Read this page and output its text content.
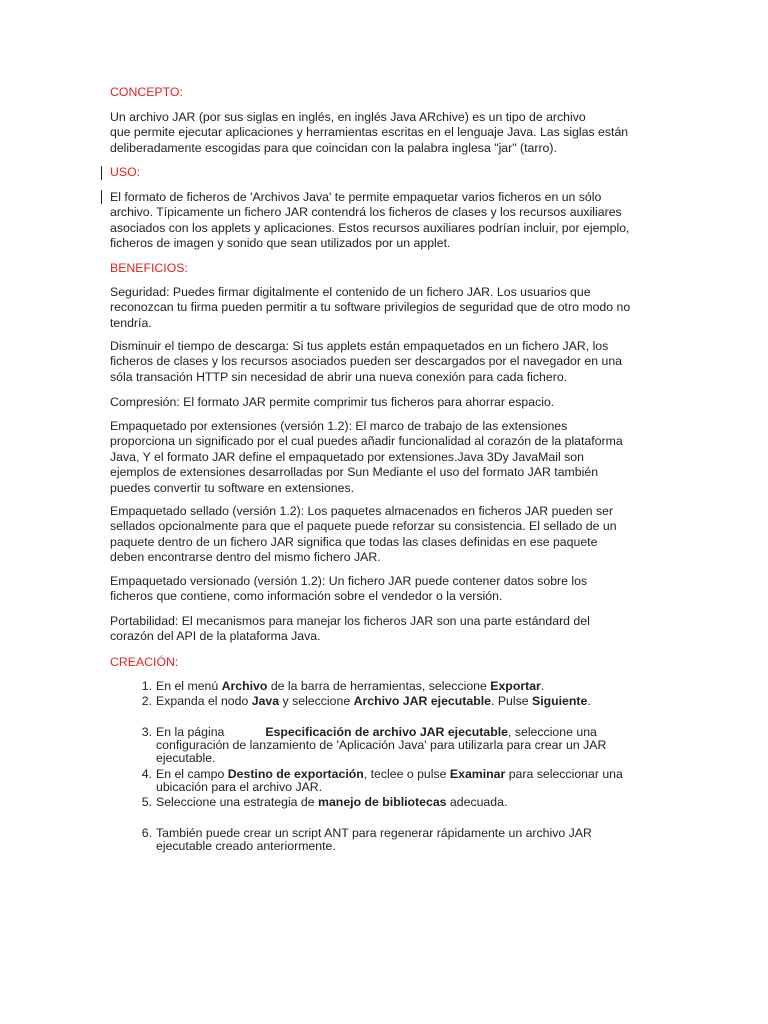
CONCEPTO:
Un archivo JAR (por sus siglas en inglés, en inglés Java ARchive) es un tipo de archivo
que permite ejecutar aplicaciones y herramientas escritas en el lenguaje Java. Las siglas están
deliberadamente escogidas para que coincidan con la palabra inglesa "jar" (tarro).
USO:
El formato de ficheros de 'Archivos Java' te permite empaquetar varios ficheros en un sólo
archivo. Típicamente un fichero JAR contendrá los ficheros de clases y los recursos auxiliares
asociados con los applets y aplicaciones. Estos recursos auxiliares podrían incluir, por ejemplo,
ficheros de imagen y sonido que sean utilizados por un applet.
BENEFICIOS:
Seguridad: Puedes firmar digitalmente el contenido de un fichero JAR. Los usuarios que
reconozcan tu firma pueden permitir a tu software privilegios de seguridad que de otro modo no
tendría.
Disminuir el tiempo de descarga: Si tus applets están empaquetados en un fichero JAR, los
ficheros de clases y los recursos asociados pueden ser descargados por el navegador en una
sóla transación HTTP sin necesidad de abrir una nueva conexión para cada fichero.
Compresión: El formato JAR permite comprimir tus ficheros para ahorrar espacio.
Empaquetado por extensiones (versión 1.2): El marco de trabajo de las extensiones
proporciona un significado por el cual puedes añadir funcionalidad al corazón de la plataforma
Java, Y el formato JAR define el empaquetado por extensiones.Java 3Dy JavaMail son
ejemplos de extensiones desarrolladas por Sun Mediante el uso del formato JAR también
puedes convertir tu software en extensiones.
Empaquetado sellado (versión 1.2): Los paquetes almacenados en ficheros JAR pueden ser
sellados opcionalmente para que el paquete puede reforzar su consistencia. El sellado de un
paquete dentro de un fichero JAR significa que todas las clases definidas en ese paquete
deben encontrarse dentro del mismo fichero JAR.
Empaquetado versionado (versión 1.2): Un fichero JAR puede contener datos sobre los
ficheros que contiene, como información sobre el vendedor o la versión.
Portabilidad: El mecanismos para manejar los ficheros JAR son una parte estándard del
corazón del API de la plataforma Java.
CREACIÓN:
1. En el menú Archivo de la barra de herramientas, seleccione Exportar.
2. Expanda el nodo Java y seleccione Archivo JAR ejecutable. Pulse Siguiente.
3. En la página            Especificación de archivo JAR ejecutable, seleccione una
configuración de lanzamiento de 'Aplicación Java' para utilizarla para crear un JAR
ejecutable.
4. En el campo Destino de exportación, teclee o pulse Examinar para seleccionar una
ubicación para el archivo JAR.
5. Seleccione una estrategia de manejo de bibliotecas adecuada.
6. También puede crear un script ANT para regenerar rápidamente un archivo JAR
ejecutable creado anteriormente.
